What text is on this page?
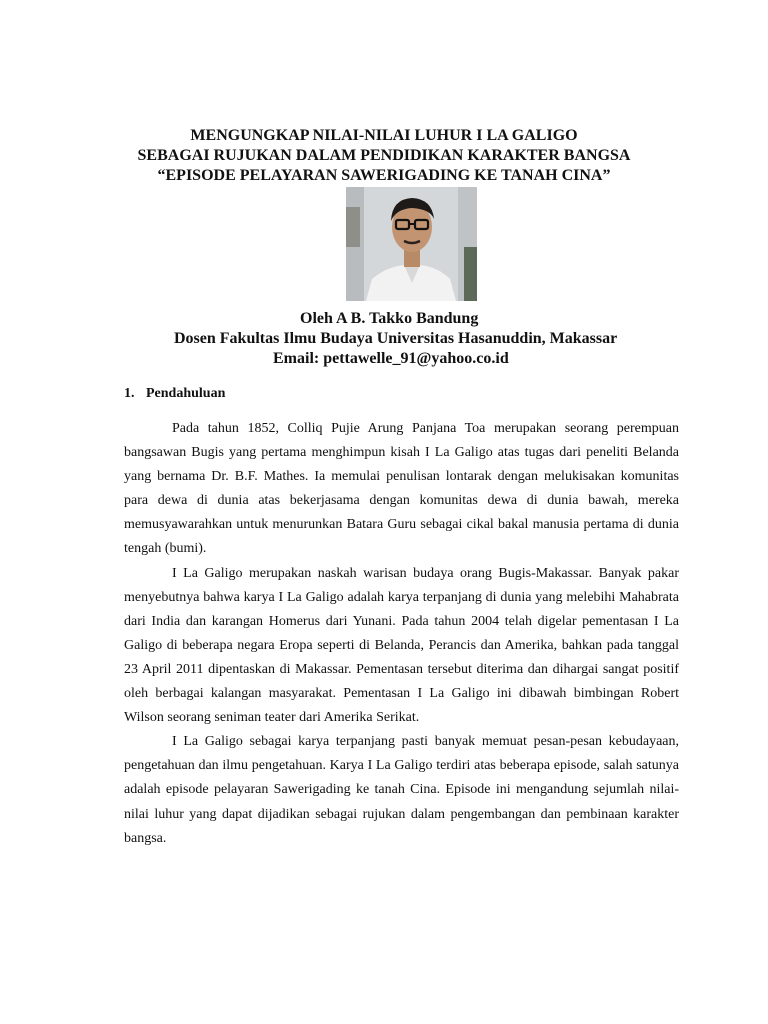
MENGUNGKAP NILAI-NILAI LUHUR I LA GALIGO
SEBAGAI RUJUKAN DALAM PENDIDIKAN KARAKTER BANGSA
“EPISODE PELAYARAN SAWERIGADING KE TANAH CINA”
Oleh A B. Takko Bandung
Dosen Fakultas Ilmu Budaya Universitas Hasanuddin, Makassar
Email: pettawelle_91@yahoo.co.id
1. Pendahuluan

Pada tahun 1852, Colliq Pujie Arung Panjana Toa merupakan seorang perempuan bangsawan Bugis yang pertama menghimpun kisah I La Galigo atas tugas dari peneliti Belanda yang bernama Dr. B.F. Mathes. Ia memulai penulisan lontarak dengan melukisakan komunitas para dewa di dunia atas bekerjasama dengan komunitas dewa di dunia bawah, mereka memusyawarahkan untuk menurunkan Batara Guru sebagai cikal bakal manusia pertama di dunia tengah (bumi).

I La Galigo merupakan naskah warisan budaya orang Bugis-Makassar. Banyak pakar menyebutnya bahwa karya I La Galigo adalah karya terpanjang di dunia yang melebihi Mahabrata dari India dan karangan Homerus dari Yunani. Pada tahun 2004 telah digelar pementasan I La Galigo di beberapa negara Eropa seperti di Belanda, Perancis dan Amerika, bahkan pada tanggal 23 April 2011 dipentaskan di Makassar. Pementasan tersebut diterima dan dihargai sangat positif oleh berbagai kalangan masyarakat. Pementasan I La Galigo ini dibawah bimbingan Robert Wilson seorang seniman teater dari Amerika Serikat.

I La Galigo sebagai karya terpanjang pasti banyak memuat pesan-pesan kebudayaan, pengetahuan dan ilmu pengetahuan. Karya I La Galigo terdiri atas beberapa episode, salah satunya adalah episode pelayaran Sawerigading ke tanah Cina. Episode ini mengandung sejumlah nilai-nilai luhur yang dapat dijadikan sebagai rujukan dalam pengembangan dan pembinaan karakter bangsa.
